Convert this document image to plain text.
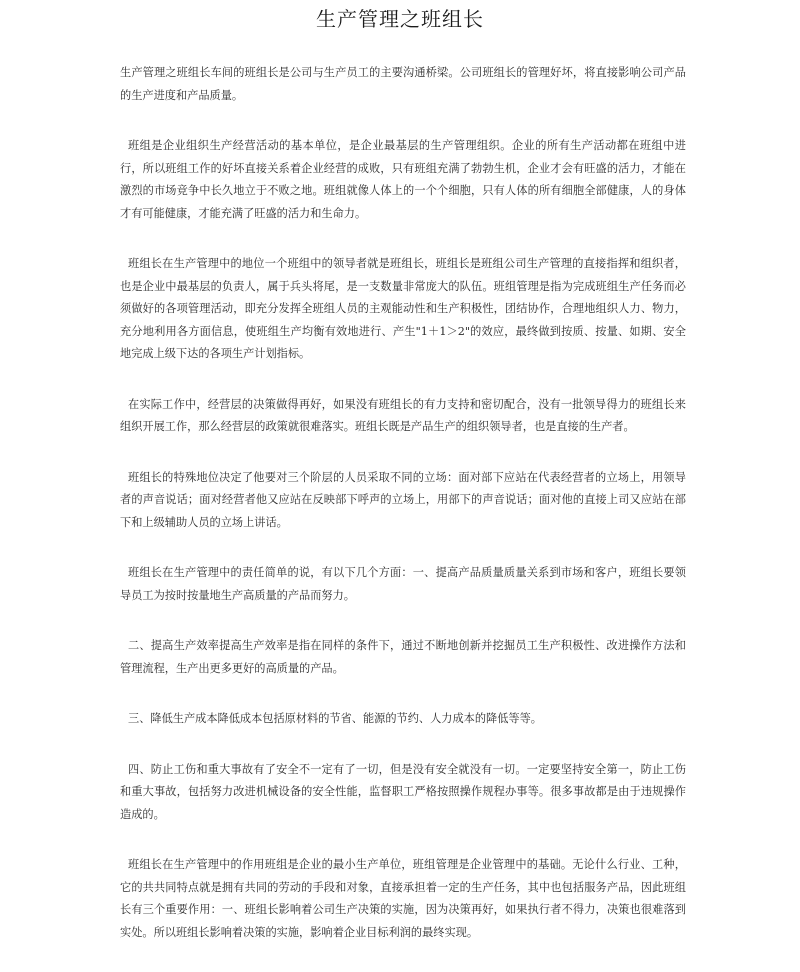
生产管理之班组长

生产管理之班组长车间的班组长是公司与生产员工的主要沟通桥梁。公司班组长的管理好坏，将直接影响公司产品的生产进度和产品质量。

班组是企业组织生产经营活动的基本单位，是企业最基层的生产管理组织。企业的所有生产活动都在班组中进行，所以班组工作的好坏直接关系着企业经营的成败，只有班组充满了勃勃生机，企业才会有旺盛的活力，才能在激烈的市场竞争中长久地立于不败之地。班组就像人体上的一个个细胞，只有人体的所有细胞全部健康，人的身体才有可能健康，才能充满了旺盛的活力和生命力。

班组长在生产管理中的地位一个班组中的领导者就是班组长，班组长是班组公司生产管理的直接指挥和组织者，也是企业中最基层的负责人，属于兵头将尾，是一支数量非常庞大的队伍。班组管理是指为完成班组生产任务而必须做好的各项管理活动，即充分发挥全班组人员的主观能动性和生产积极性，团结协作，合理地组织人力、物力，充分地利用各方面信息，使班组生产均衡有效地进行、产生"1＋1＞2"的效应，最终做到按质、按量、如期、安全地完成上级下达的各项生产计划指标。

在实际工作中，经营层的决策做得再好，如果没有班组长的有力支持和密切配合，没有一批领导得力的班组长来组织开展工作，那么经营层的政策就很难落实。班组长既是产品生产的组织领导者，也是直接的生产者。

班组长的特殊地位决定了他要对三个阶层的人员采取不同的立场：面对部下应站在代表经营者的立场上，用领导者的声音说话；面对经营者他又应站在反映部下呼声的立场上，用部下的声音说话；面对他的直接上司又应站在部下和上级辅助人员的立场上讲话。

班组长在生产管理中的责任简单的说，有以下几个方面：一、提高产品质量质量关系到市场和客户，班组长要领导员工为按时按量地生产高质量的产品而努力。

二、提高生产效率提高生产效率是指在同样的条件下，通过不断地创新并挖掘员工生产积极性、改进操作方法和管理流程，生产出更多更好的高质量的产品。

三、降低生产成本降低成本包括原材料的节省、能源的节约、人力成本的降低等等。

四、防止工伤和重大事故有了安全不一定有了一切，但是没有安全就没有一切。一定要坚持安全第一，防止工伤和重大事故，包括努力改进机械设备的安全性能，监督职工严格按照操作规程办事等。很多事故都是由于违规操作造成的。

班组长在生产管理中的作用班组是企业的最小生产单位，班组管理是企业管理中的基础。无论什么行业、工种，它的共共同特点就是拥有共同的劳动的手段和对象，直接承担着一定的生产任务，其中也包括服务产品，因此班组长有三个重要作用：一、班组长影响着公司生产决策的实施，因为决策再好，如果执行者不得力，决策也很难落到实处。所以班组长影响着决策的实施，影响着企业目标利润的最终实现。
